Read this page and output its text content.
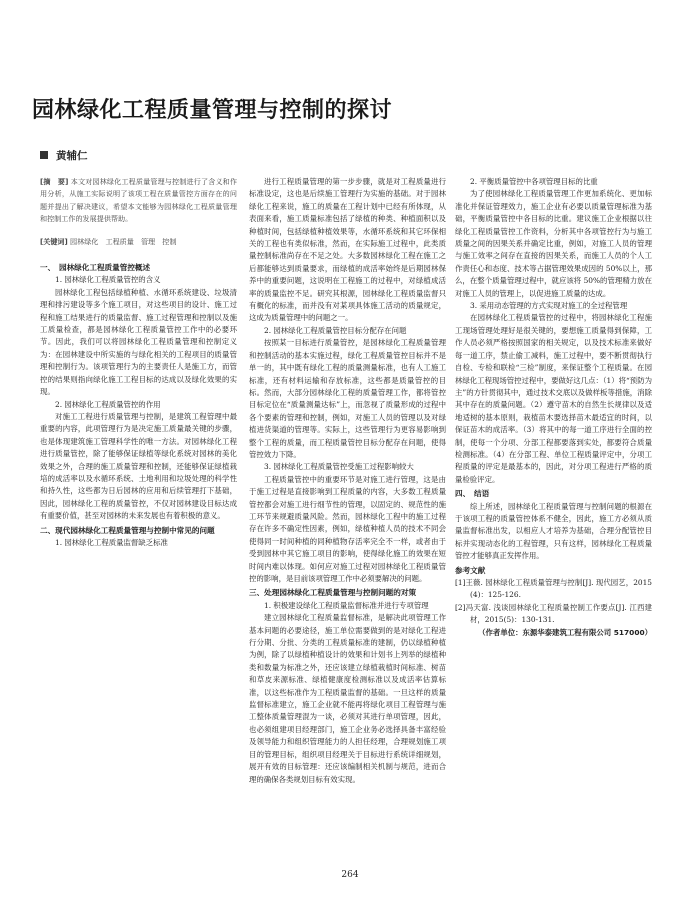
园林绿化工程质量管理与控制的探讨
黄辅仁

[摘　要] 本文对园林绿化工程质量管理与控制进行了含义和作用分析，从施工实际说明了该项工程在质量管控方面存在的问题并提出了解决建议，希望本文能够为园林绿化工程质量管理和控制工作的发展提供帮助。

[关键词] 园林绿化　工程质量　管理　控制

一、　园林绿化工程质量管控概述

1. 园林绿化工程质量管控的含义

园林绿化工程包括绿植种植、水循环系统建设、垃圾清理和排污建设等多个施工项目，对这些项目的设计、施工过程和施工结果进行的质量监督、施工过程管理和控制以及施工质量检查，都是园林绿化工程质量管控工作中的必要环节。因此，我们可以将园林绿化工程质量管理和控制定义为：在园林建设中所实施的与绿化相关的工程项目的质量管理和控制行为。该项管理行为的主要责任人是施工方，而管控的结果则指向绿化施工工程目标的达成以及绿化效果的实现。

2. 园林绿化工程质量管控的作用

对施工工程进行质量管理与控制，是建筑工程管理中最重要的内容，此项管理行为是决定施工质量最关键的步骤，也是体现建筑施工管理科学性的唯一方法。对园林绿化工程进行质量管控，除了能够保证绿植等绿化系统对园林的美化效果之外，合理的施工质量管理和控制，还能够保证绿植栽培的成活率以及水循环系统、土地利用和垃圾处理的科学性和持久性，这些都为日后园林的应用和后续管理打下基础，因此，园林绿化工程的质量管控，不仅对园林建设目标达成有重要价值，甚至对园林的未来发展也有着积极的意义。

二、现代园林绿化工程质量管理与控制中常见的问题

1. 园林绿化工程质量监督缺乏标准

进行工程质量管理的第一步步骤，就是对工程质量进行标准设定，这也是后续施工管理行为实施的基础。对于园林绿化工程来说，施工的质量在工程计划中已经有所体现，从表面来看，施工质量标准包括了绿植的种类、种植面积以及种植时间，包括绿植种植效果等，水循环系统和其它环保相关的工程也有类似标准，然而，在实际施工过程中，此类质量控制标准尚存在不足之处。大多数园林绿化工程在施工之后都能够达到质量要求，而绿植的成活率始终是后期园林保养中的重要问题，这说明在工程施工的过程中，对绿植成活率的质量监控不足。研究其根源，园林绿化工程质量监督只有概化的标准，而并没有对某项具体施工活动的质量规定，这成为质量管理中的问题之一。

2. 园林绿化工程质量管控目标分配存在问题

按照某一目标进行质量管控，是园林绿化工程质量管理和控制活动的基本实施过程，绿化工程质量管控目标并不是单一的，其中既有绿化工程的质量测量标准，也有人工施工标准，还有材料运输和存放标准，这些都是质量管控的目标。然而，大部分园林绿化工程的质量管理工作，都将管控目标定位在“质量测量达标”上，而忽视了质量形成的过程中各个要素的管理和控制，例如，对施工人员的管理以及对绿植进货渠道的管理等。实际上，这些管理行为更容易影响到整个工程的质量，而工程质量管控目标分配存在问题，使得管控效力下降。

3. 园林绿化工程质量管控受施工过程影响较大

工程质量管控中的重要环节是对施工进行管理，这是由于施工过程是直接影响到工程质量的内容，大多数工程质量管控都会对施工进行细节性的管理，以固定的、规范性的施工环节来规避质量风险。然而，园林绿化工程中的施工过程存在许多不确定性因素，例如，绿植种植人员的技术不同会使得同一时间种植的同种植物存活率完全不一样，或者由于受到园林中其它施工项目的影响，使得绿化施工的效果在短时间内难以体现。如何应对施工过程对园林绿化工程质量管控的影响，是目前该项管理工作中必须要解决的问题。

三、处理园林绿化工程质量管理与控制问题的对策

1. 积极建设绿化工程质量监督标准并进行专项管理

建立园林绿化工程质量监督标准，是解决此项管理工作基本问题的必要途径，施工单位需要做到的是对绿化工程进行分期、分批、分类的工程质量标准的建制，仍以绿植种植为例，除了以绿植种植设计的效果和计划书上列举的绿植种类和数量为标准之外，还应该建立绿植栽植时间标准、树苗和草皮来源标准、绿植健康度检测标准以及成活率估算标准，以这些标准作为工程质量监督的基础。一旦这样的质量监督标准建立，施工企业就不能再将绿化项目工程管理与施工整体质量管理混为一谈，必须对其进行单项管理，因此，也必须组建项目经理部门，施工企业务必选择具备丰富经验及领导能力和组织管理能力的人担任经理，合理规划施工项目的管理目标，组织项目经理关于目标进行系统详细规划，展开有效的目标管理：还应该编制相关机制与规范，进而合理的确保各类规划目标有效实现。

2. 平衡质量管控中各项管理目标的比重

为了使园林绿化工程质量管理工作更加系统化、更加标准化并保证管理效力，施工企业有必要以质量管理标准为基础，平衡质量管控中各目标的比重。建议施工企业根据以往绿化工程质量管控工作资料，分析其中各项管控行为与施工质量之间的因果关系并确定比重，例如，对施工人员的管理与施工效率之间存在直接的因果关系，而施工人员的个人工作责任心和态度、技术等占据管理效果成因的 50%以上，那么，在整个质量管理过程中，就应该将 50%的管理精力放在对施工人员的管理上，以促进施工质量的达成。

3. 采用动态管理的方式实现对施工的全过程管理

在园林绿化工程质量管控的过程中，将园林绿化工程施工现场管理处理好是很关键的，要想施工质量得到保障，工作人员必须严格按照国家的相关规定，以及技术标准来做好每一道工序，禁止偷工减料，施工过程中，要不断贯彻执行自检、专检和联检“三检”制度，来保证整个工程质量。在园林绿化工程现场管控过程中，要做好这几点：（1）将“预防为主”的方针贯彻其中，通过技术交底以及做样板等措施，消除其中存在的质量问题。（2）遵守苗木的自然生长规律以及适地适树的基本原则，栽植苗木要选择苗木最适宜的时间，以保证苗木的成活率。（3）将其中的每一道工序进行全面的控制，使每一个分项、分部工程都要落到实处，都要符合质量检测标准。（4）在分部工程、单位工程质量评定中，分项工程质量的评定是最基本的，因此，对分项工程进行严格的质量检验评定。

四、　结语

综上所述，园林绿化工程质量管理与控制问题的根源在于该项工程的质量管控体系不健全，因此，施工方必须从质量监督标准出发，以相应人才培养为基础，合理分配管控目标并实现动态化的工程管理，只有这样，园林绿化工程质量管控才能够真正发挥作用。

参考文献

[1]王薇. 园林绿化工程质量管理与控制[J]. 现代园艺，2015(4)：125-126.

[2]冯天富. 浅谈园林绿化工程质量控制工作要点[J]. 江西建材，2015(5)：130-131.

（作者单位：东源华泰建筑工程有限公司 517000）

264
